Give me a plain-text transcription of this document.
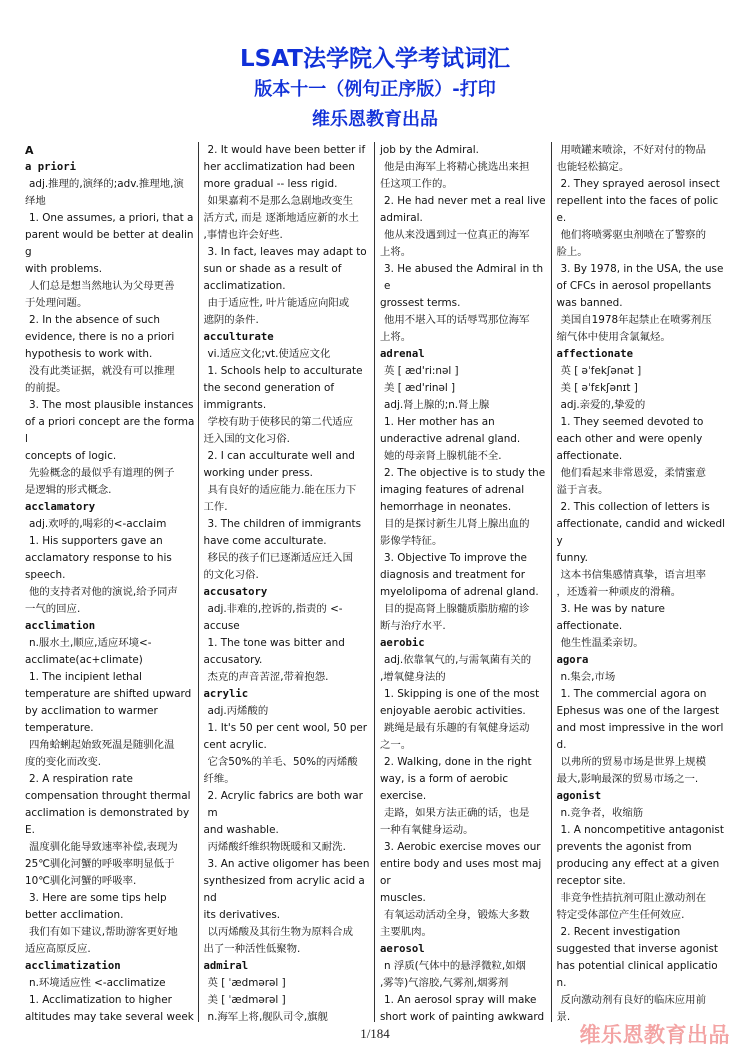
LSAT法学院入学考试词汇
版本十一（例句正序版）-打印
维乐恩教育出品
A
a priori
adj.推理的,演绎的;adv.推理地,演
绎地
1. One assumes, a priori, that a
parent would be better at dealing
with problems.
人们总是想当然地认为父母更善
于处理问题。
2. In the absence of such
evidence, there is no a priori
hypothesis to work with.
没有此类证据，就没有可以推理
的前提。
3. The most plausible instances
of a priori concept are the formal
concepts of logic.
先验概念的最似乎有道理的例子
是逻辑的形式概念.
acclamatory
adj.欢呼的,喝彩的<-acclaim
1. His supporters gave an
acclamatory response to his
speech.
他的支持者对他的演说,给予同声
一气的回应.
acclimation
n.服水土,顺应,适应环境<-
acclimate(ac+climate)
1. The incipient lethal
temperature are shifted upward
by acclimation to warmer
temperature.
四角蛤蜊起始致死温是随驯化温
度的变化而改变.
2. A respiration rate
compensation throught thermal
acclimation is demonstrated by E.
温度驯化能导致速率补偿,表现为
25℃驯化河蟹的呼吸率明显低于
10℃驯化河蟹的呼吸率.
3. Here are some tips help
better acclimation.
我们有如下建议,帮助游客更好地
适应高原反应.
acclimatization
n.环境适应性 <-acclimatize
1. Acclimatization to higher
altitudes may take several week
2. It would have been better if
her acclimatization had been
more gradual -- less rigid.
如果嘉莉不是那么急剧地改变生
活方式, 而是 逐渐地适应新的水土
,事情也许会好些.
3. In fact, leaves may adapt to
sun or shade as a result of
acclimatization.
由于适应性, 叶片能适应向阳或
遮阴的条件.
acculturate
vi.适应文化;vt.使适应文化
1. Schools help to acculturate
the second generation of
immigrants.
学校有助于使移民的第二代适应
迁入国的文化习俗.
2. I can acculturate well and
working under press.
具有良好的适应能力.能在压力下
工作.
3. The children of immigrants
have come acculturate.
移民的孩子们已逐渐适应迁入国
的文化习俗.
accusatory
adj.非难的,控诉的,指责的 <-
accuse
1. The tone was bitter and
accusatory.
杰克的声音苦涩,带着抱怨.
acrylic
adj.丙烯酸的
1. It's 50 per cent wool, 50 per
cent acrylic.
它含50%的羊毛、50%的丙烯酸
纤维。
2. Acrylic fabrics are both warm
and washable.
丙烯酸纤维织物既暖和又耐洗.
3. An active oligomer has been
synthesized from acrylic acid and
its derivatives.
以丙烯酸及其衍生物为原料合成
出了一种活性低聚物.
admiral
英 [ ˈædmərəl ]
美 [ ˈædmərəl ]
n.海军上将,舰队司令,旗舰
job by the Admiral.
他是由海军上将精心挑选出来担
任这项工作的。
2. He had never met a real live
admiral.
他从来没遇到过一位真正的海军
上将。
3. He abused the Admiral in the
grossest terms.
他用不堪入耳的话辱骂那位海军
上将。
adrenal
英 [ æd'ri:nəl ]
美 [ æd'rinəl ]
adj.肾上腺的;n.肾上腺
1. Her mother has an
underactive adrenal gland.
她的母亲肾上腺机能不全.
2. The objective is to study the
imaging features of adrenal
hemorrhage in neonates.
目的是探讨新生儿肾上腺出血的
影像学特征。
3. Objective To improve the
diagnosis and treatment for
myelolipoma of adrenal gland.
目的提高肾上腺髓质脂肪瘤的诊
断与治疗水平.
aerobic
adj.依靠氧气的,与需氧菌有关的
,增氧健身法的
1. Skipping is one of the most
enjoyable aerobic activities.
跳绳是最有乐趣的有氧健身运动
之一。
2. Walking, done in the right
way, is a form of aerobic
exercise.
走路，如果方法正确的话，也是
一种有氧健身运动。
3. Aerobic exercise moves our
entire body and uses most major
muscles.
有氧运动活动全身，锻炼大多数
主要肌肉。
aerosol
n 浮质(气体中的悬浮微粒,如烟
,雾等)气溶胶,气雾剂,烟雾剂
1. An aerosol spray will make
short work of painting awkward
用喷罐来喷涂，不好对付的物品
也能轻松搞定。
2. They sprayed aerosol insect
repellent into the faces of police.
他们将喷雾驱虫剂喷在了警察的
脸上。
3. By 1978, in the USA, the use
of CFCs in aerosol propellants
was banned.
美国自1978年起禁止在喷雾剂压
缩气体中使用含氯氟烃。
affectionate
英 [ əˈfekʃənət ]
美 [ əˈfɛkʃənɪt ]
adj.亲爱的,挚爱的
1. They seemed devoted to
each other and were openly
affectionate.
他们看起来非常恩爱，柔情蜜意
溢于言表。
2. This collection of letters is
affectionate, candid and wickedly
funny.
这本书信集感情真挚，语言坦率
，还透着一种顽皮的滑稽。
3. He was by nature
affectionate.
他生性温柔亲切。
agora
n.集会,市场
1. The commercial agora on
Ephesus was one of the largest
and most impressive in the world.
以弗所的贸易市场是世界上规模
最大,影响最深的贸易市场之一.
agonist
n.竞争者，收缩筋
1. A noncompetitive antagonist
prevents the agonist from
producing any effect at a given
receptor site.
非竞争性拮抗剂可阻止激动剂在
特定受体部位产生任何效应.
2. Recent investigation
suggested that inverse agonist
has potential clinical application.
反向激动剂有良好的临床应用前
景.
1/184	维乐恩教育出品
